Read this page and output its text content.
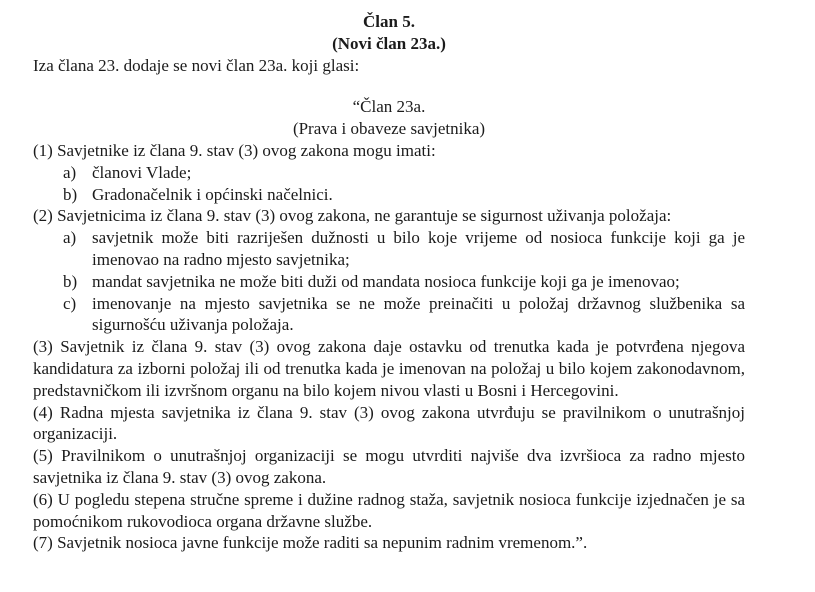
Član 5.
(Novi član 23a.)

Iza člana 23. dodaje se novi član 23a. koji glasi:

“Član 23a.

(Prava i obaveze savjetnika)

(1) Savjetnike iz člana 9. stav (3) ovog zakona mogu imati:

a) članovi Vlade;
b) Gradonačelnik i općinski načelnici.

(2) Savjetnicima iz člana 9. stav (3) ovog zakona, ne garantuje se sigurnost uživanja položaja:

a) savjetnik može biti razriješen dužnosti u bilo koje vrijeme od nosioca funkcije koji ga je imenovao na radno mjesto savjetnika;
b) mandat savjetnika ne može biti duži od mandata nosioca funkcije koji ga je imenovao;
c) imenovanje na mjesto savjetnika se ne može preinačiti u položaj državnog službenika sa sigurnošću uživanja položaja.

(3) Savjetnik iz člana 9. stav (3) ovog zakona daje ostavku od trenutka kada je potvrđena njegova kandidatura za izborni položaj ili od trenutka kada je imenovan na položaj u bilo kojem zakonodavnom, predstavničkom ili izvršnom organu na bilo kojem nivou vlasti u Bosni i Hercegovini.

(4) Radna mjesta savjetnika iz člana 9. stav (3) ovog zakona utvrđuju se pravilnikom o unutrašnjoj organizaciji.

(5) Pravilnikom o unutrašnjoj organizaciji se mogu utvrditi najviše dva izvršioca za radno mjesto savjetnika iz člana 9. stav (3) ovog zakona.

(6) U pogledu stepena stručne spreme i dužine radnog staža, savjetnik nosioca funkcije izjednačen je sa pomoćnikom rukovodioca organa državne službe.

(7) Savjetnik nosioca javne funkcije može raditi sa nepunim radnim vremenom.”.
